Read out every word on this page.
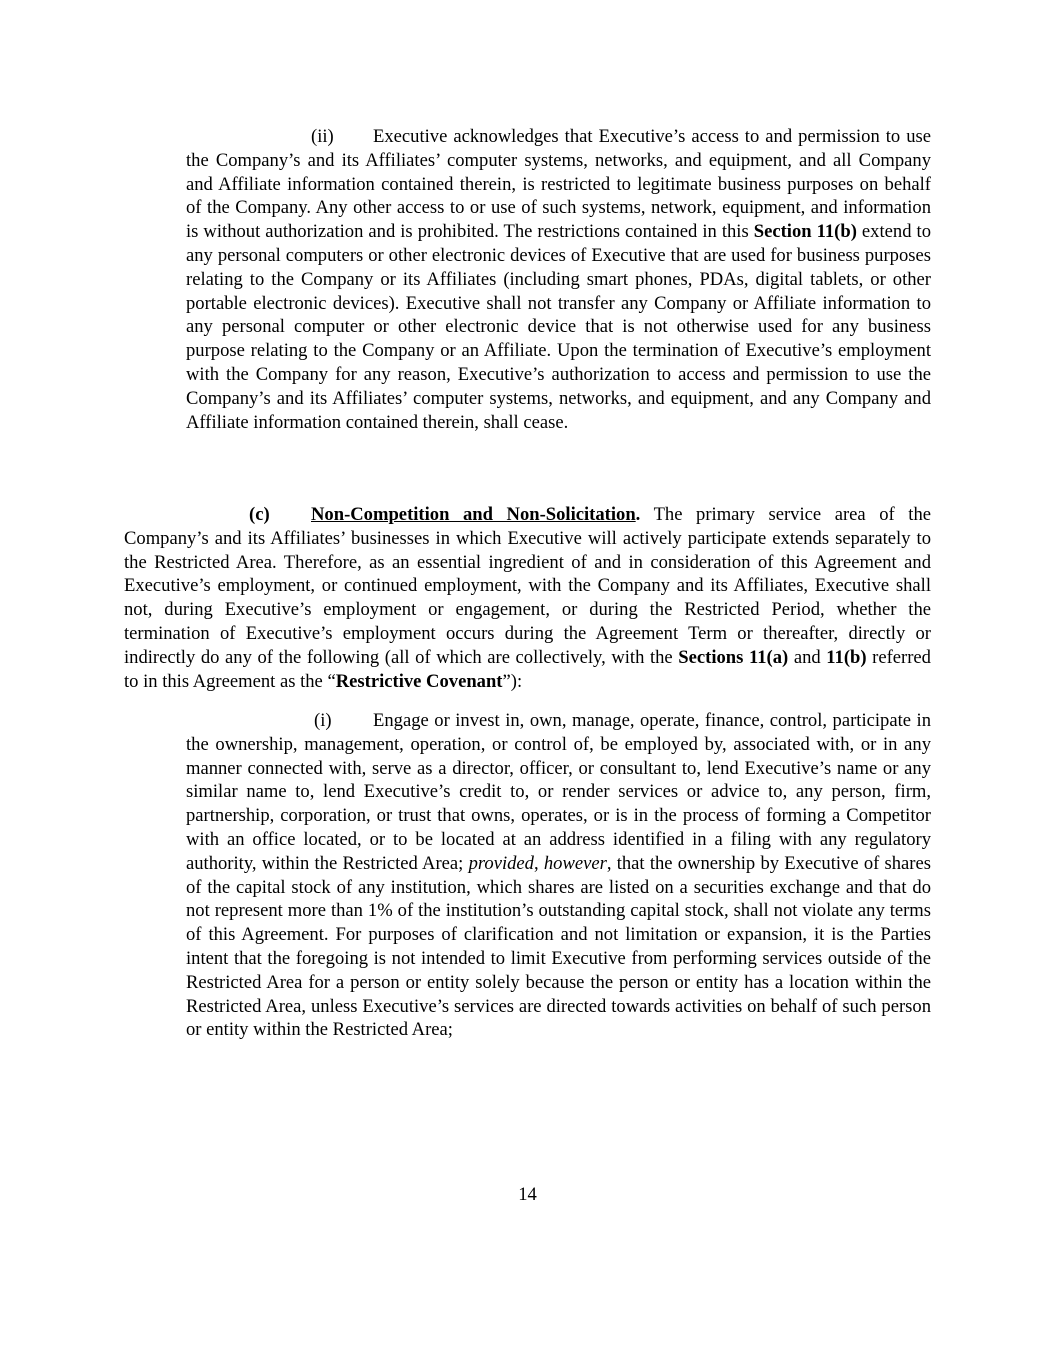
(ii) Executive acknowledges that Executive’s access to and permission to use the Company’s and its Affiliates’ computer systems, networks, and equipment, and all Company and Affiliate information contained therein, is restricted to legitimate business purposes on behalf of the Company. Any other access to or use of such systems, network, equipment, and information is without authorization and is prohibited. The restrictions contained in this Section 11(b) extend to any personal computers or other electronic devices of Executive that are used for business purposes relating to the Company or its Affiliates (including smart phones, PDAs, digital tablets, or other portable electronic devices). Executive shall not transfer any Company or Affiliate information to any personal computer or other electronic device that is not otherwise used for any business purpose relating to the Company or an Affiliate. Upon the termination of Executive’s employment with the Company for any reason, Executive’s authorization to access and permission to use the Company’s and its Affiliates’ computer systems, networks, and equipment, and any Company and Affiliate information contained therein, shall cease.

(c) Non-Competition and Non-Solicitation. The primary service area of the Company’s and its Affiliates’ businesses in which Executive will actively participate extends separately to the Restricted Area. Therefore, as an essential ingredient of and in consideration of this Agreement and Executive’s employment, or continued employment, with the Company and its Affiliates, Executive shall not, during Executive’s employment or engagement, or during the Restricted Period, whether the termination of Executive’s employment occurs during the Agreement Term or thereafter, directly or indirectly do any of the following (all of which are collectively, with the Sections 11(a) and 11(b) referred to in this Agreement as the “Restrictive Covenant”):

(i) Engage or invest in, own, manage, operate, finance, control, participate in the ownership, management, operation, or control of, be employed by, associated with, or in any manner connected with, serve as a director, officer, or consultant to, lend Executive’s name or any similar name to, lend Executive’s credit to, or render services or advice to, any person, firm, partnership, corporation, or trust that owns, operates, or is in the process of forming a Competitor with an office located, or to be located at an address identified in a filing with any regulatory authority, within the Restricted Area; provided, however, that the ownership by Executive of shares of the capital stock of any institution, which shares are listed on a securities exchange and that do not represent more than 1% of the institution’s outstanding capital stock, shall not violate any terms of this Agreement. For purposes of clarification and not limitation or expansion, it is the Parties intent that the foregoing is not intended to limit Executive from performing services outside of the Restricted Area for a person or entity solely because the person or entity has a location within the Restricted Area, unless Executive’s services are directed towards activities on behalf of such person or entity within the Restricted Area;

14
